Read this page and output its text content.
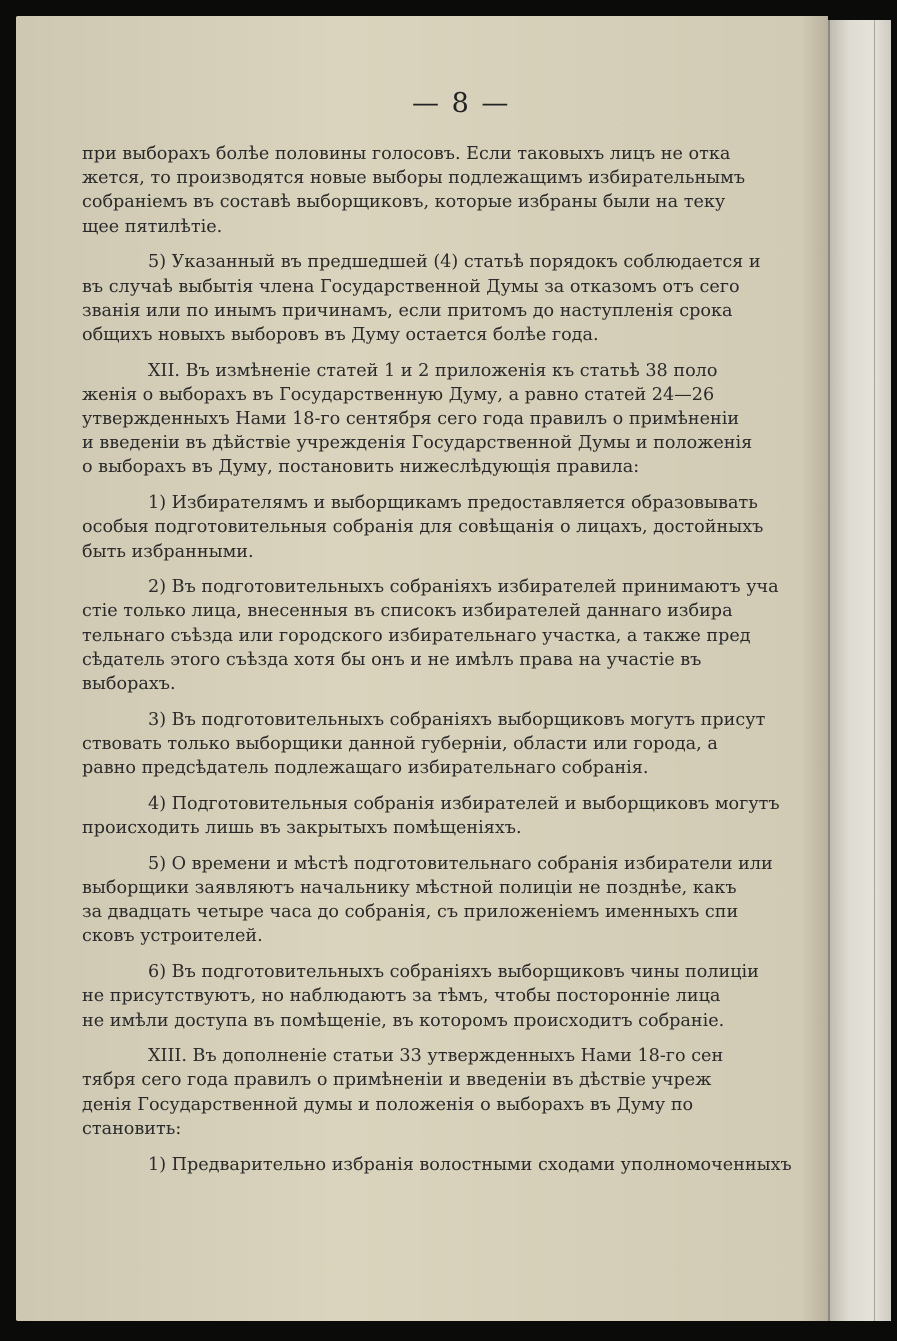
— 8 —
при выборахъ болѣе половины голосовъ. Если таковыхъ лицъ не отка
жется, то производятся новые выборы подлежащимъ избирательнымъ
собраніемъ въ составѣ выборщиковъ, которые избраны были на теку
щее пятилѣтіе.
5) Указанный въ предшедшей (4) статьѣ порядокъ соблюдается и
въ случаѣ выбытія члена Государственной Думы за отказомъ отъ сего
званія или по инымъ причинамъ, если притомъ до наступленія срока
общихъ новыхъ выборовъ въ Думу остается болѣе года.
XII. Въ измѣненіе статей 1 и 2 приложенія къ статьѣ 38 поло
женія о выборахъ въ Государственную Думу, а равно статей 24—26
утвержденныхъ Нами 18-го сентября сего года правилъ о примѣненіи
и введеніи въ дѣйствіе учрежденія Государственной Думы и положенія
о выборахъ въ Думу, постановить нижеслѣдующія правила:
1) Избирателямъ и выборщикамъ предоставляется образовывать
особыя подготовительныя собранія для совѣщанія о лицахъ, достойныхъ
быть избранными.
2) Въ подготовительныхъ собраніяхъ избирателей принимаютъ уча
стіе только лица, внесенныя въ списокъ избирателей даннаго избира
тельнаго съѣзда или городского избирательнаго участка, а также пред
сѣдатель этого съѣзда хотя бы онъ и не имѣлъ права на участіе въ
выборахъ.
3) Въ подготовительныхъ собраніяхъ выборщиковъ могутъ присут
ствовать только выборщики данной губерніи, области или города, а
равно предсѣдатель подлежащаго избирательнаго собранія.
4) Подготовительныя собранія избирателей и выборщиковъ могутъ
происходить лишь въ закрытыхъ помѣщеніяхъ.
5) О времени и мѣстѣ подготовительнаго собранія избиратели или
выборщики заявляютъ начальнику мѣстной полиціи не позднѣе, какъ
за двадцать четыре часа до собранія, съ приложеніемъ именныхъ спи
сковъ устроителей.
6) Въ подготовительныхъ собраніяхъ выборщиковъ чины полиціи
не присутствуютъ, но наблюдаютъ за тѣмъ, чтобы посторонніе лица
не имѣли доступа въ помѣщеніе, въ которомъ происходитъ собраніе.
XIII. Въ дополненіе статьи 33 утвержденныхъ Нами 18-го сен
тября сего года правилъ о примѣненіи и введеніи въ дѣствіе учреж
денія Государственной думы и положенія о выборахъ въ Думу по
становить:
1) Предварительно избранія волостными сходами уполномоченныхъ
